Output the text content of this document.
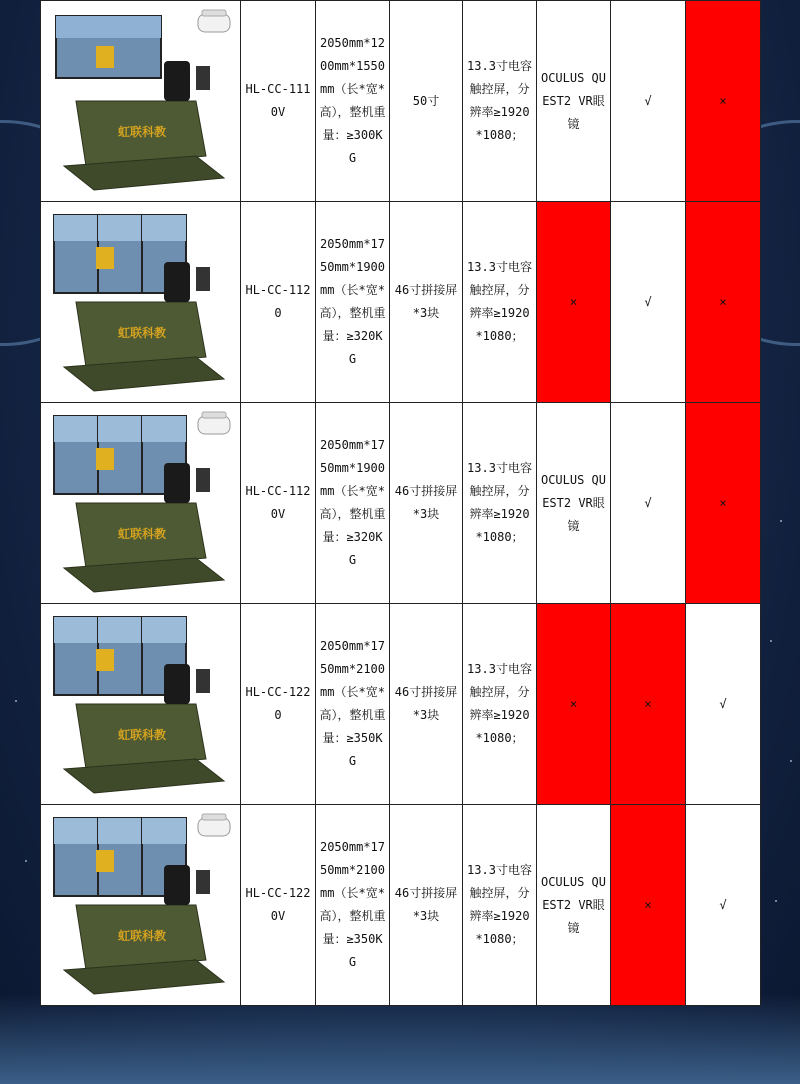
虹联科教	HL-CC-1110V	2050mm*1200mm*1550mm（长*宽*高），整机重量：≥300KG	50寸	13.3寸电容触控屏，分辨率≥1920*1080；	OCULUS QUEST2 VR眼镜	√	×

虹联科教	HL-CC-1120	2050mm*1750mm*1900mm（长*宽*高），整机重量：≥320KG	46寸拼接屏*3块	13.3寸电容触控屏，分辨率≥1920*1080；	×	√	×

虹联科教	HL-CC-1120V	2050mm*1750mm*1900mm（长*宽*高），整机重量：≥320KG	46寸拼接屏*3块	13.3寸电容触控屏，分辨率≥1920*1080；	OCULUS QUEST2 VR眼镜	√	×

虹联科教	HL-CC-1220	2050mm*1750mm*2100mm（长*宽*高），整机重量：≥350KG	46寸拼接屏*3块	13.3寸电容触控屏，分辨率≥1920*1080；	×	×	√

虹联科教	HL-CC-1220V	2050mm*1750mm*2100mm（长*宽*高），整机重量：≥350KG	46寸拼接屏*3块	13.3寸电容触控屏，分辨率≥1920*1080；	OCULUS QUEST2 VR眼镜	×	√
